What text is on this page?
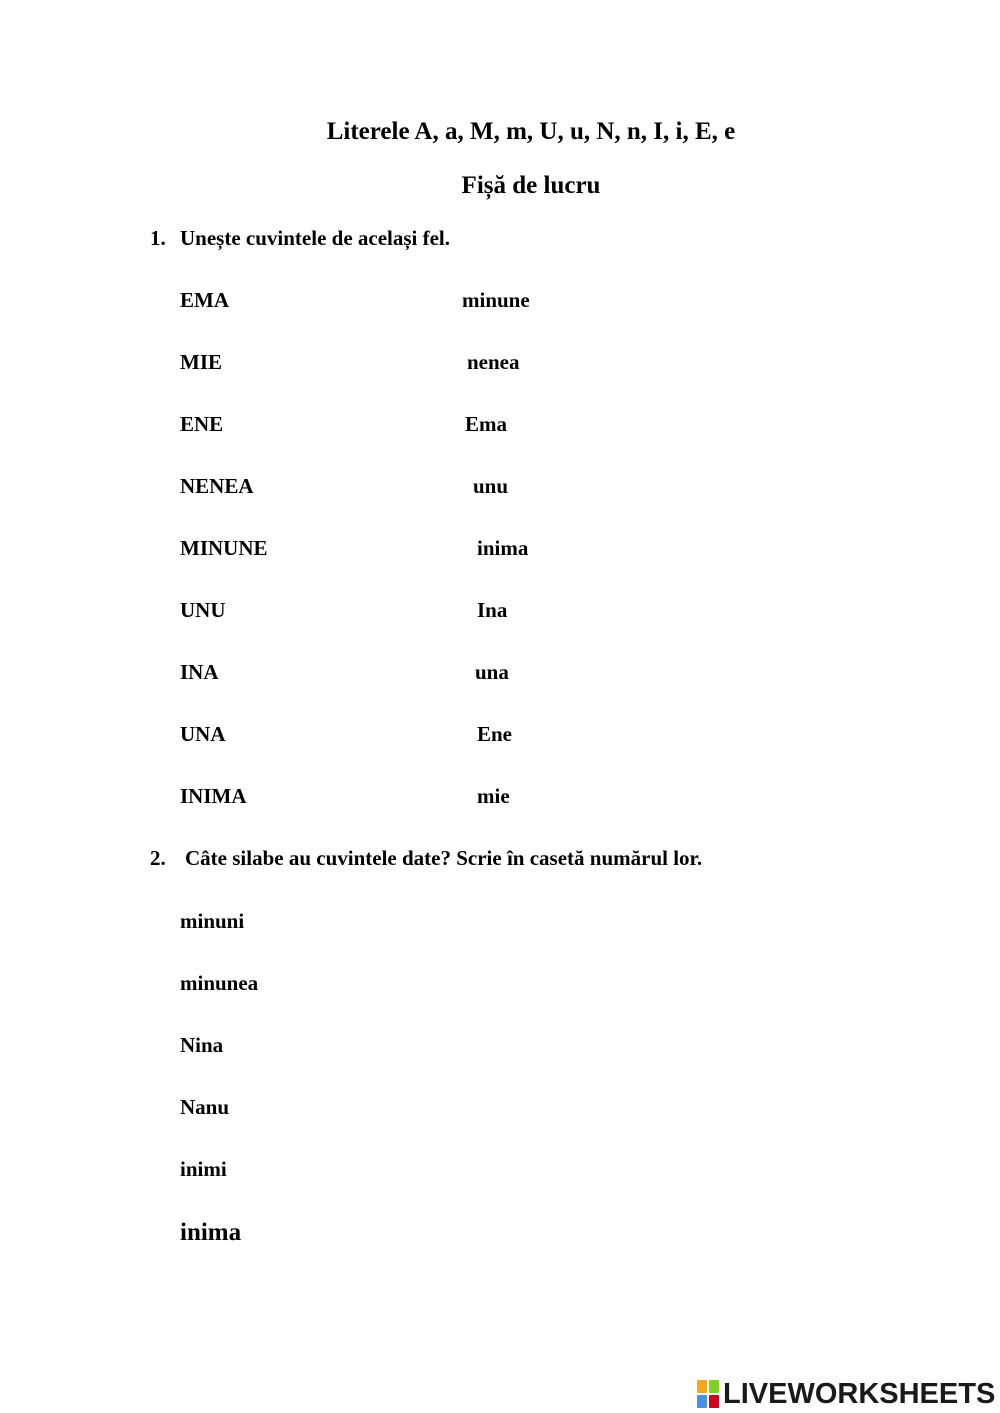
Literele A, a, M, m, U, u, N, n, I, i, E, e
Fișă de lucru
1. Unește cuvintele de același fel.
EMA
MIE
ENE
NENEA
MINUNE
UNU
INA
UNA
INIMA
minune
nenea
Ema
unu
inima
Ina
una
Ene
mie
2. Câte silabe au cuvintele date? Scrie în casetă numărul lor.
minuni
minunea
Nina
Nanu
inimi
inima
LIVEWORKSHEETS
